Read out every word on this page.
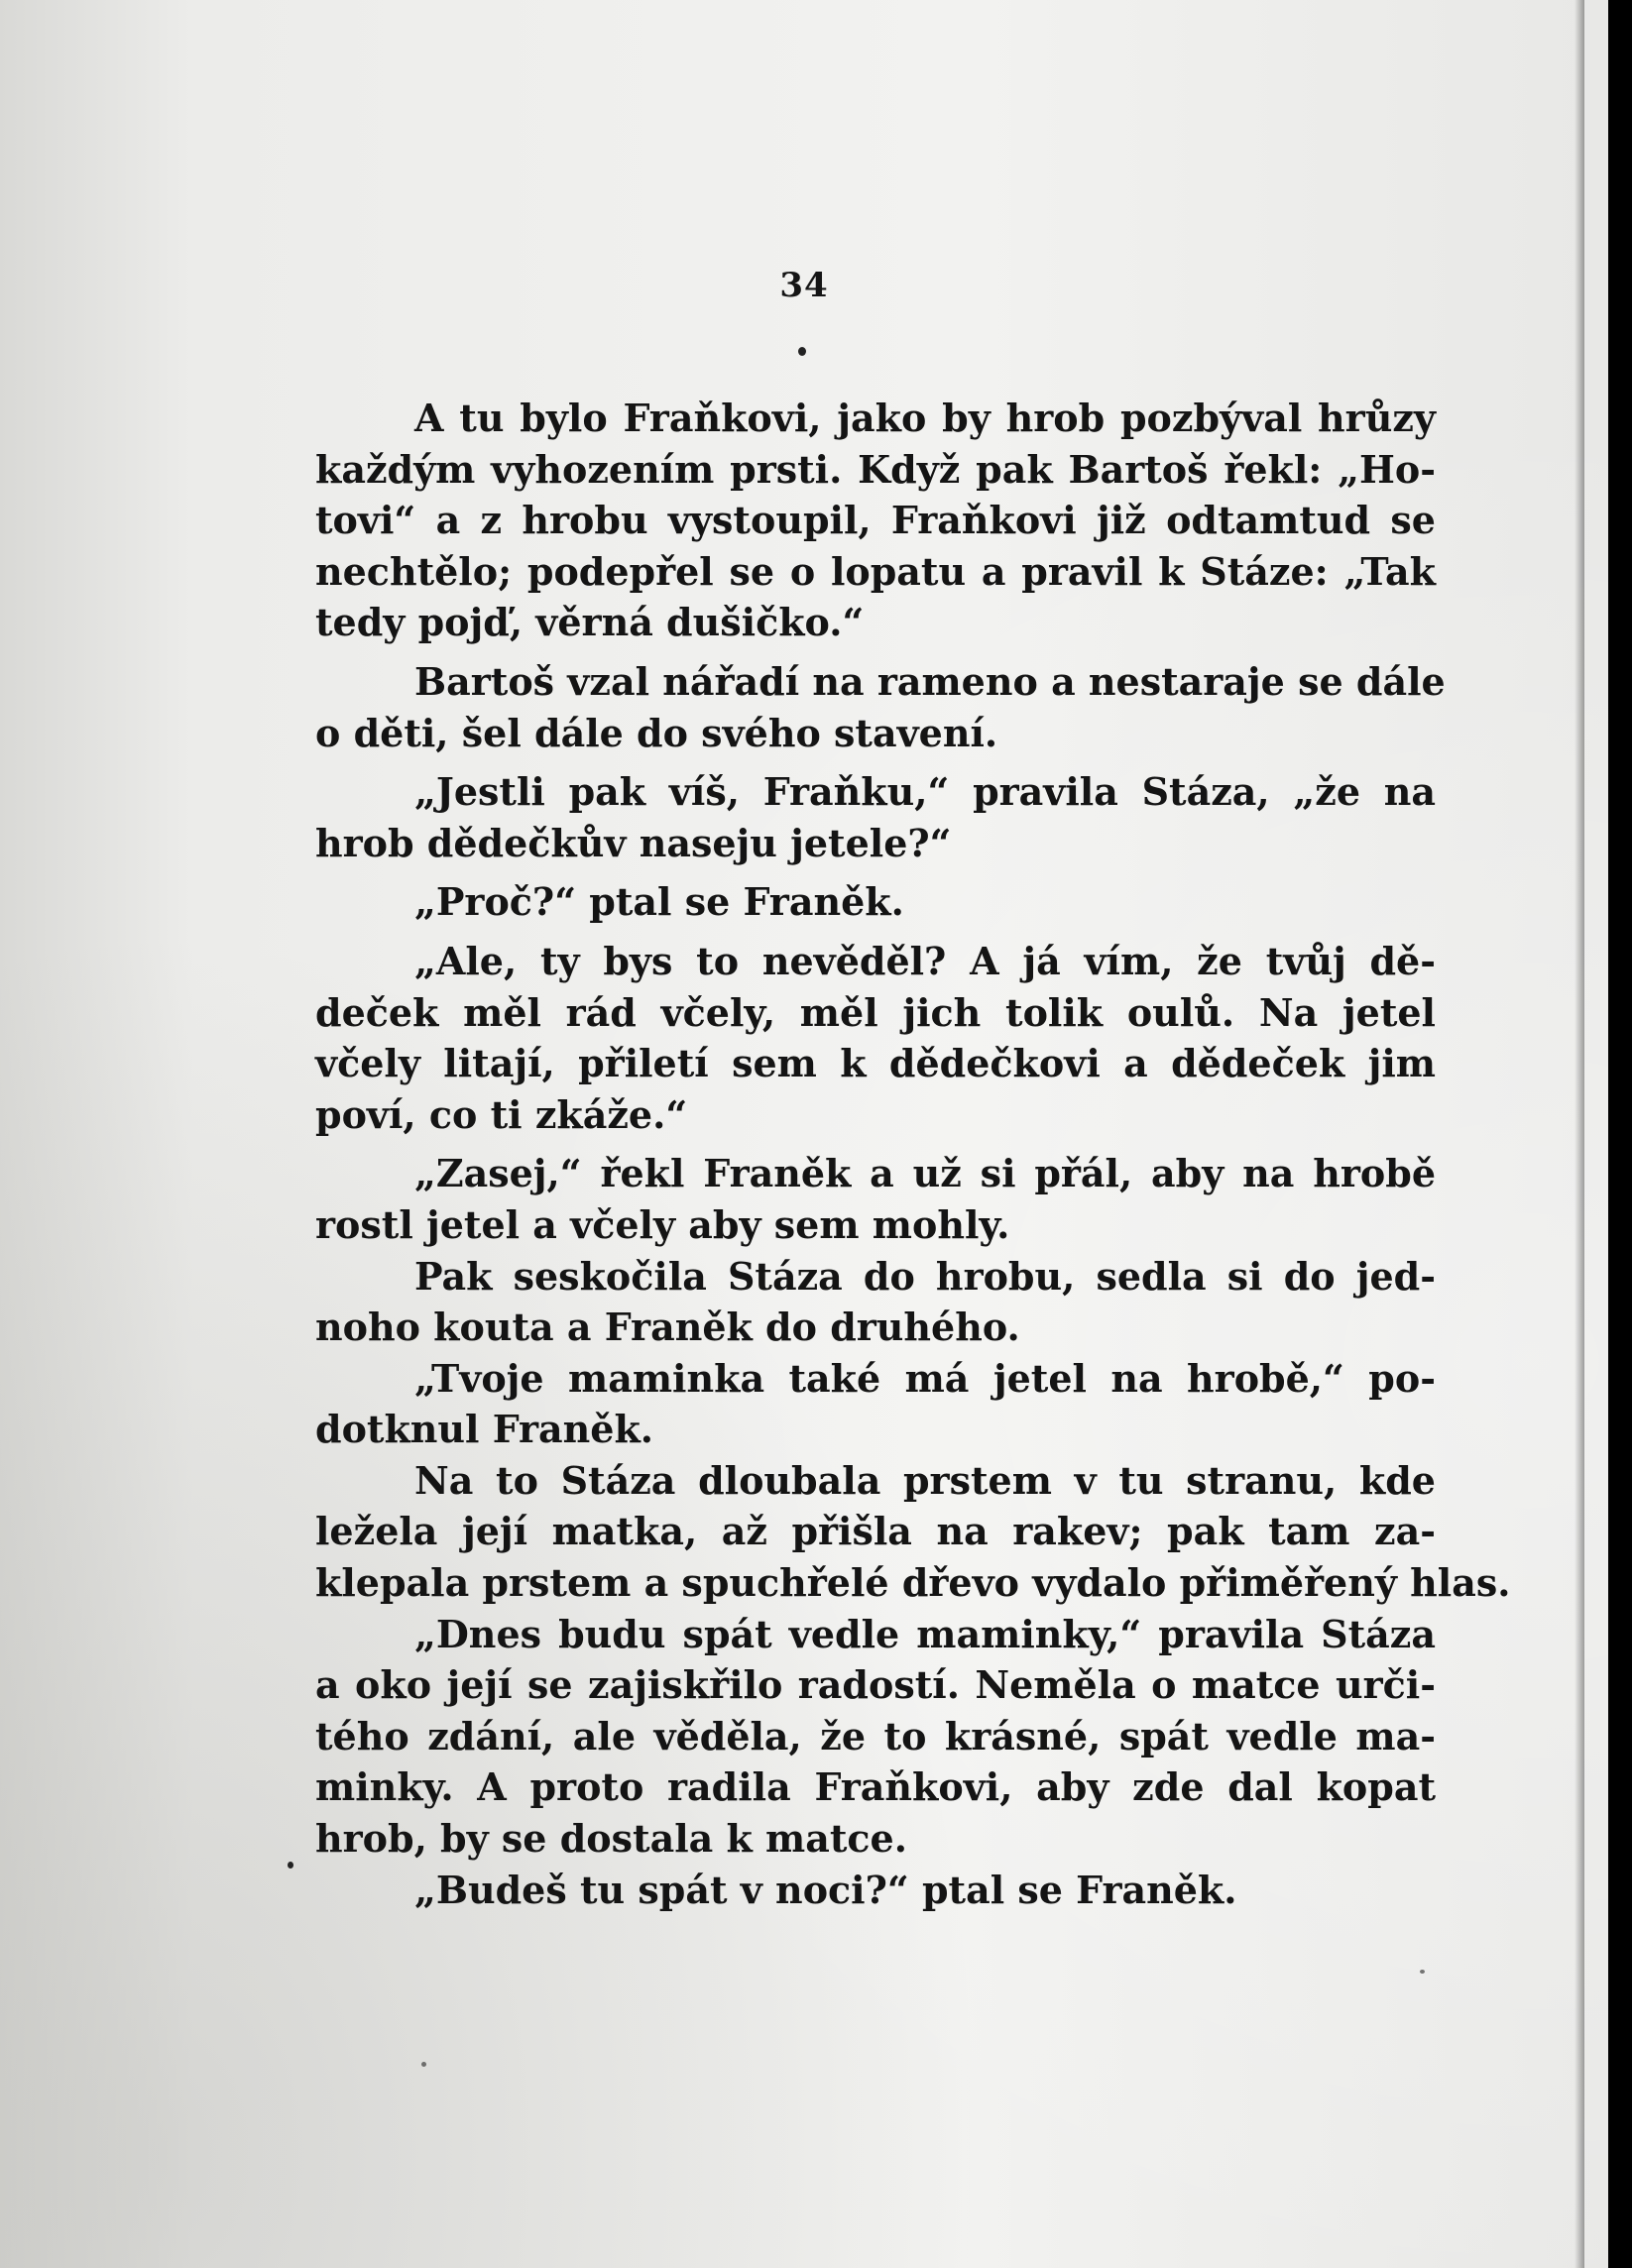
34
A tu bylo Fraňkovi, jako by hrob pozbýval hrůzy
každým vyhozením prsti. Když pak Bartoš řekl: „Ho-
tovi“ a z hrobu vystoupil, Fraňkovi již odtamtud se
nechtělo; podepřel se o lopatu a pravil k Stáze: „Tak
tedy pojď, věrná dušičko.“
Bartoš vzal nářadí na rameno a nestaraje se dále
o děti, šel dále do svého stavení.
„Jestli pak víš, Fraňku,“ pravila Stáza, „že na
hrob dědečkův naseju jetele?“
„Proč?“ ptal se Franěk.
„Ale, ty bys to nevěděl? A já vím, že tvůj dě-
deček měl rád včely, měl jich tolik oulů. Na jetel
včely litají, přiletí sem k dědečkovi a dědeček jim
poví, co ti zkáže.“
„Zasej,“ řekl Franěk a už si přál, aby na hrobě
rostl jetel a včely aby sem mohly.
Pak seskočila Stáza do hrobu, sedla si do jed-
noho kouta a Franěk do druhého.
„Tvoje maminka také má jetel na hrobě,“ po-
dotknul Franěk.
Na to Stáza dloubala prstem v tu stranu, kde
ležela její matka, až přišla na rakev; pak tam za-
klepala prstem a spuchřelé dřevo vydalo přiměřený hlas.
„Dnes budu spát vedle maminky,“ pravila Stáza
a oko její se zajiskřilo radostí. Neměla o matce urči-
tého zdání, ale věděla, že to krásné, spát vedle ma-
minky. A proto radila Fraňkovi, aby zde dal kopat
hrob, by se dostala k matce.
„Budeš tu spát v noci?“ ptal se Franěk.
